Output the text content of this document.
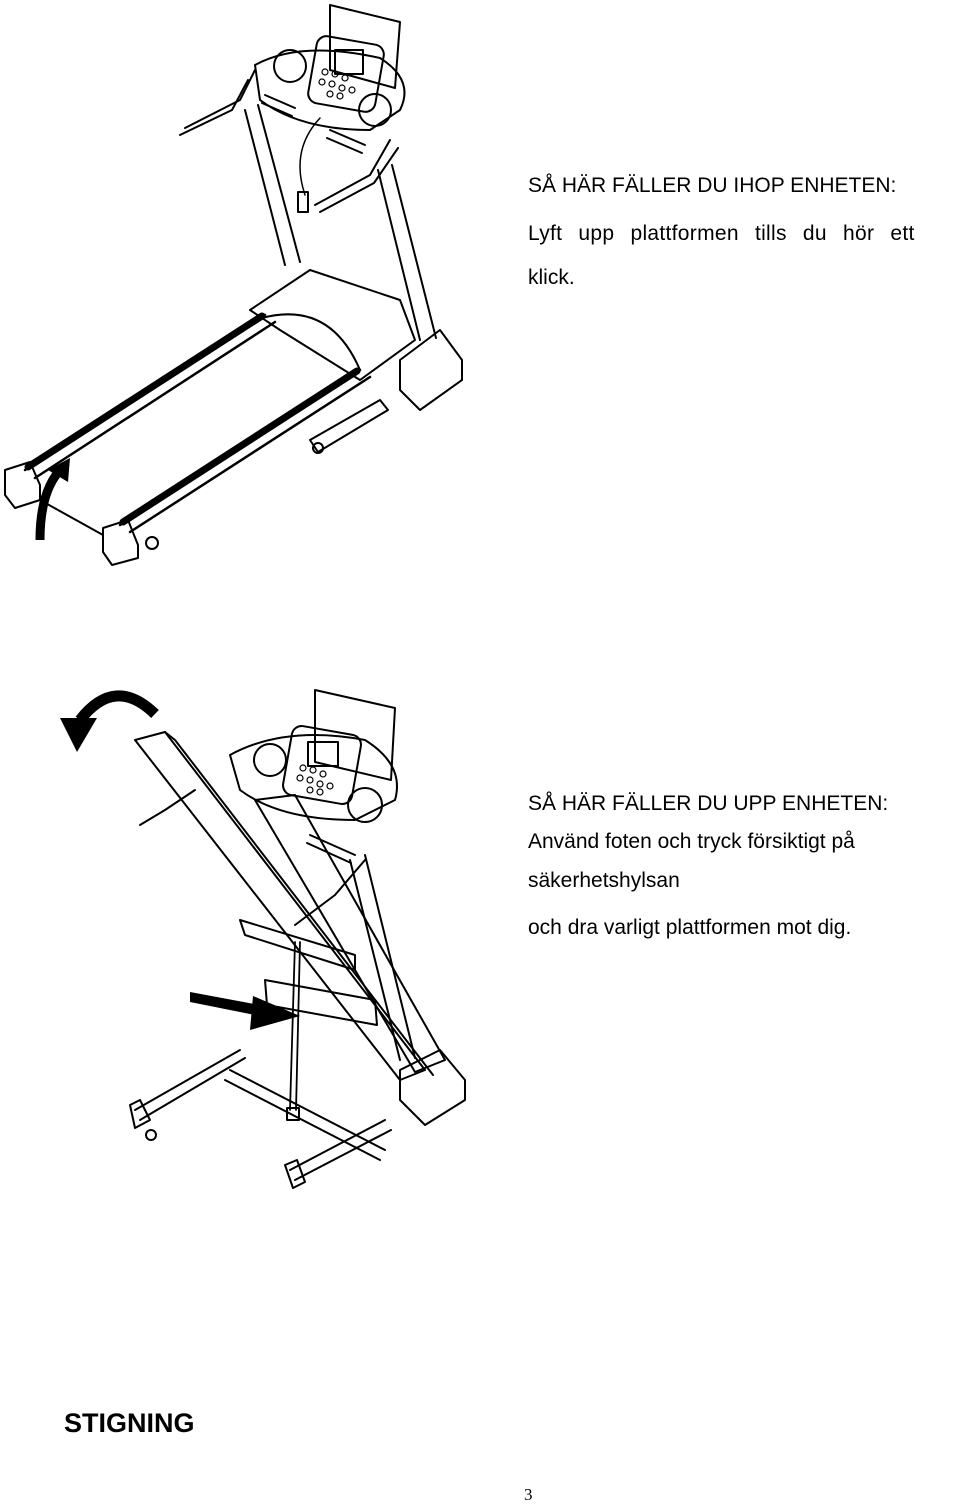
SÅ HÄR FÄLLER DU IHOP ENHETEN:
Lyft upp plattformen tills du hör ett
klick.
SÅ HÄR FÄLLER DU UPP ENHETEN:
Använd foten och tryck försiktigt på
säkerhetshylsan
och dra varligt plattformen mot dig.
STIGNING
3
